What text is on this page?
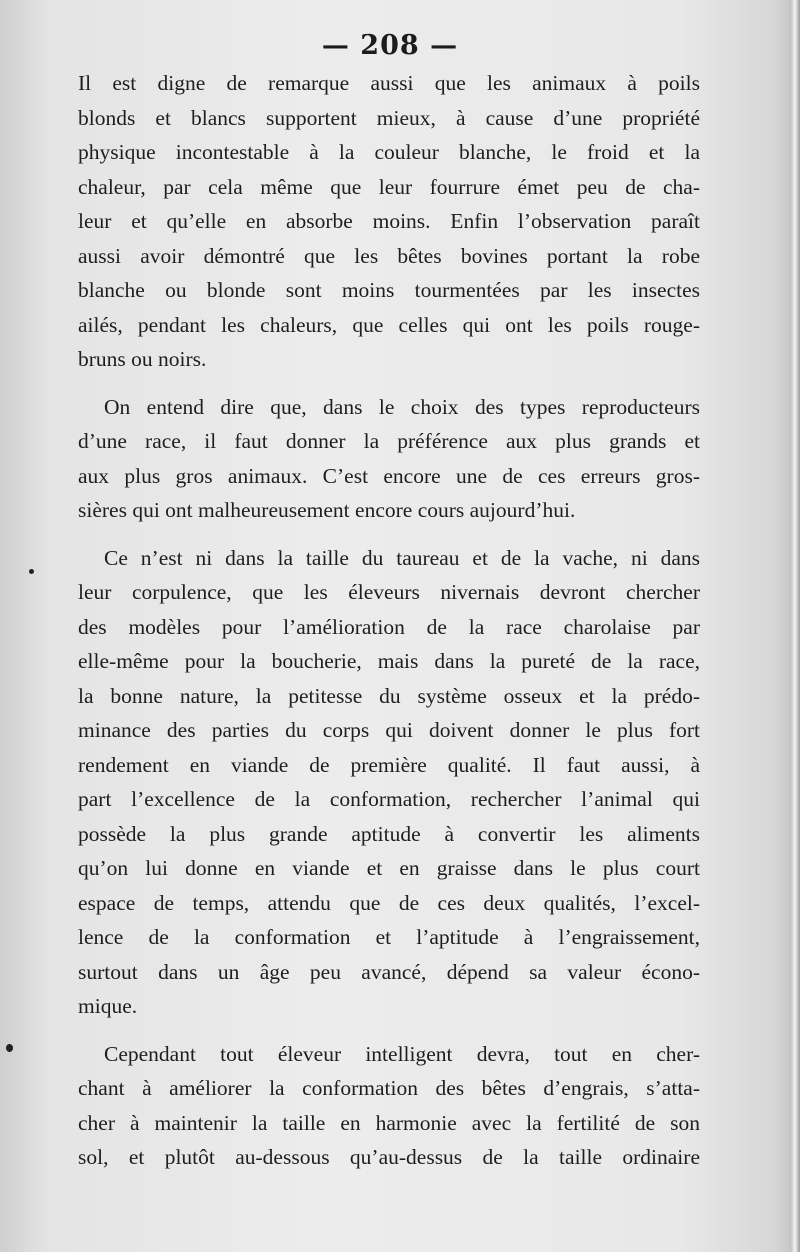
— 208 —
Il est digne de remarque aussi que les animaux à poils
blonds et blancs supportent mieux, à cause d’une propriété
physique incontestable à la couleur blanche, le froid et la
chaleur, par cela même que leur fourrure émet peu de cha-
leur et qu’elle en absorbe moins. Enfin l’observation paraît
aussi avoir démontré que les bêtes bovines portant la robe
blanche ou blonde sont moins tourmentées par les insectes
ailés, pendant les chaleurs, que celles qui ont les poils rouge-
bruns ou noirs.
On entend dire que, dans le choix des types reproducteurs
d’une race, il faut donner la préférence aux plus grands et
aux plus gros animaux. C’est encore une de ces erreurs gros-
sières qui ont malheureusement encore cours aujourd’hui.
Ce n’est ni dans la taille du taureau et de la vache, ni dans
leur corpulence, que les éleveurs nivernais devront chercher
des modèles pour l’amélioration de la race charolaise par
elle-même pour la boucherie, mais dans la pureté de la race,
la bonne nature, la petitesse du système osseux et la prédo-
minance des parties du corps qui doivent donner le plus fort
rendement en viande de première qualité. Il faut aussi, à
part l’excellence de la conformation, rechercher l’animal qui
possède la plus grande aptitude à convertir les aliments
qu’on lui donne en viande et en graisse dans le plus court
espace de temps, attendu que de ces deux qualités, l’excel-
lence de la conformation et l’aptitude à l’engraissement,
surtout dans un âge peu avancé, dépend sa valeur écono-
mique.
Cependant tout éleveur intelligent devra, tout en cher-
chant à améliorer la conformation des bêtes d’engrais, s’atta-
cher à maintenir la taille en harmonie avec la fertilité de son
sol, et plutôt au-dessous qu’au-dessus de la taille ordinaire
